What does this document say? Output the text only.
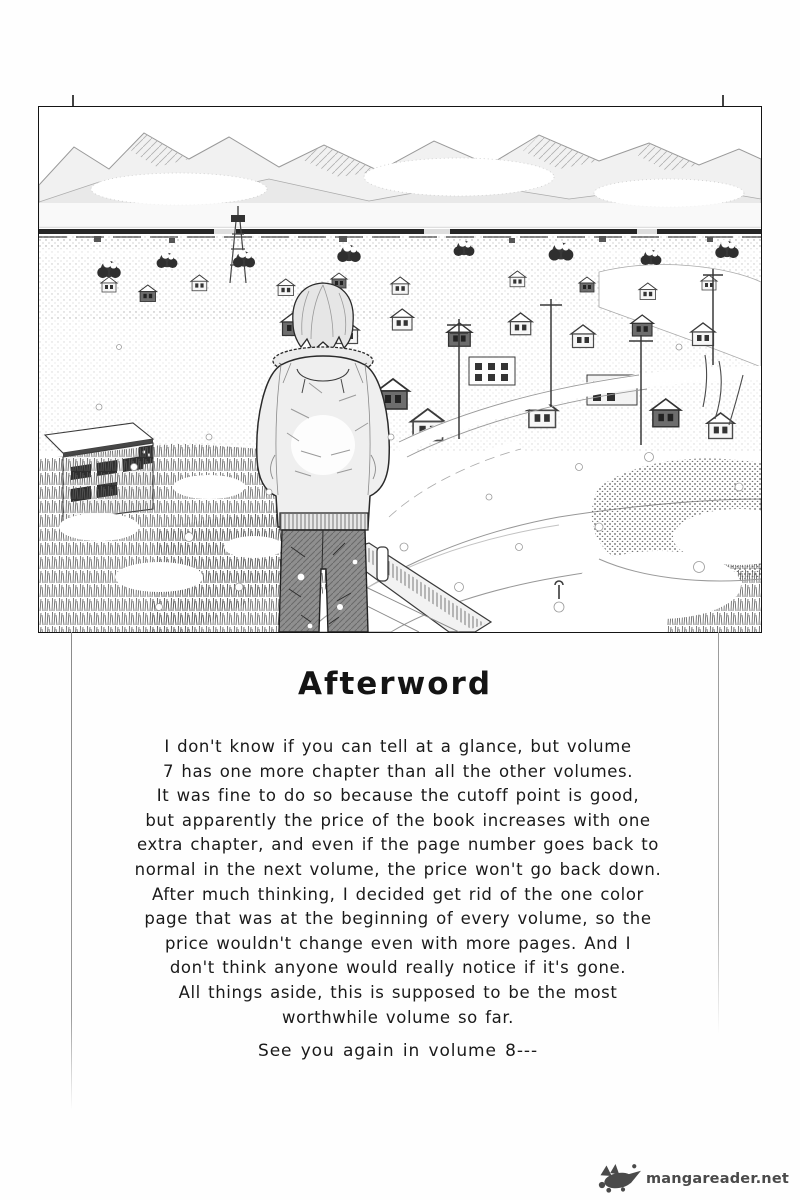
Afterword
I don't know if you can tell at a glance, but volume
7 has one more chapter than all the other volumes.
It was fine to do so because the cutoff point is good,
but apparently the price of the book increases with one
extra chapter, and even if the page number goes back to
normal in the next volume, the price won't go back down.
After much thinking, I decided get rid of the one color
page that was at the beginning of every volume, so the
price wouldn't change even with more pages. And I
don't think anyone would really notice if it's gone.
All things aside, this is supposed to be the most
worthwhile volume so far.
See you again in volume 8---
mangareader.net
